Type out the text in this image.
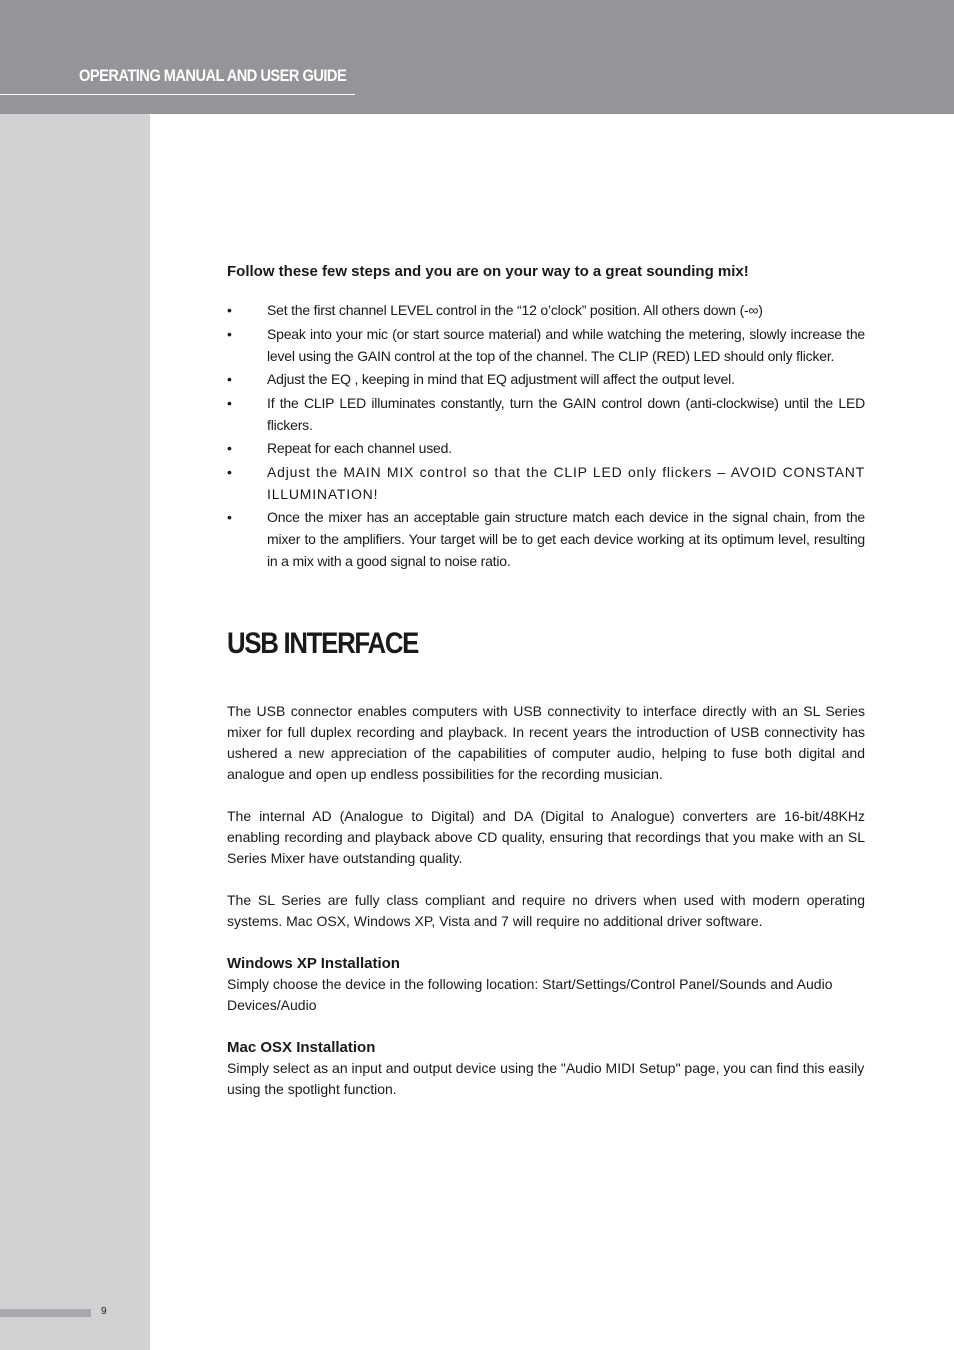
OPERATING MANUAL AND USER GUIDE
9
Follow these few steps and you are on your way to a great sounding mix!
•	Set the first channel LEVEL control in the “12 o’clock” position. All others down (-∞)
•	Speak into your mic (or start source material) and while watching the metering, slowly increase the level using the GAIN control at the top of the channel. The CLIP (RED) LED should only flicker.
•	Adjust the EQ , keeping in mind that EQ adjustment will affect the output level.
•	If the CLIP LED illuminates constantly, turn the GAIN control down (anti-clockwise) until the LED flickers.
•	Repeat for each channel used.
• Adjust the MAIN MIX control so that the CLIP LED only flickers – AVOID CONSTANT ILLUMINATION!
•	Once the mixer has an acceptable gain structure match each device in the signal chain, from the mixer to the amplifiers. Your target will be to get each device working at its optimum level, resulting in a mix with a good signal to noise ratio.
USB INTERFACE

The USB connector enables computers with USB connectivity to interface directly with an SL Series mixer for full duplex recording and playback. In recent years the introduction of USB connectivity has ushered a new appreciation of the capabilities of computer audio, helping to fuse both digital and analogue and open up endless possibilities for the recording musician.

The internal AD (Analogue to Digital) and DA (Digital to Analogue) converters are 16-bit/48KHz enabling recording and playback above CD quality, ensuring that recordings that you make with an SL Series Mixer have outstanding quality.

The SL Series are fully class compliant and require no drivers when used with modern operating systems. Mac OSX, Windows XP, Vista and 7 will require no additional driver software.

Windows XP Installation

Simply choose the device in the following location: Start/Settings/Control Panel/Sounds and Audio Devices/Audio

Mac OSX Installation

Simply select as an input and output device using the "Audio MIDI Setup" page, you can find this easily using the spotlight function.
